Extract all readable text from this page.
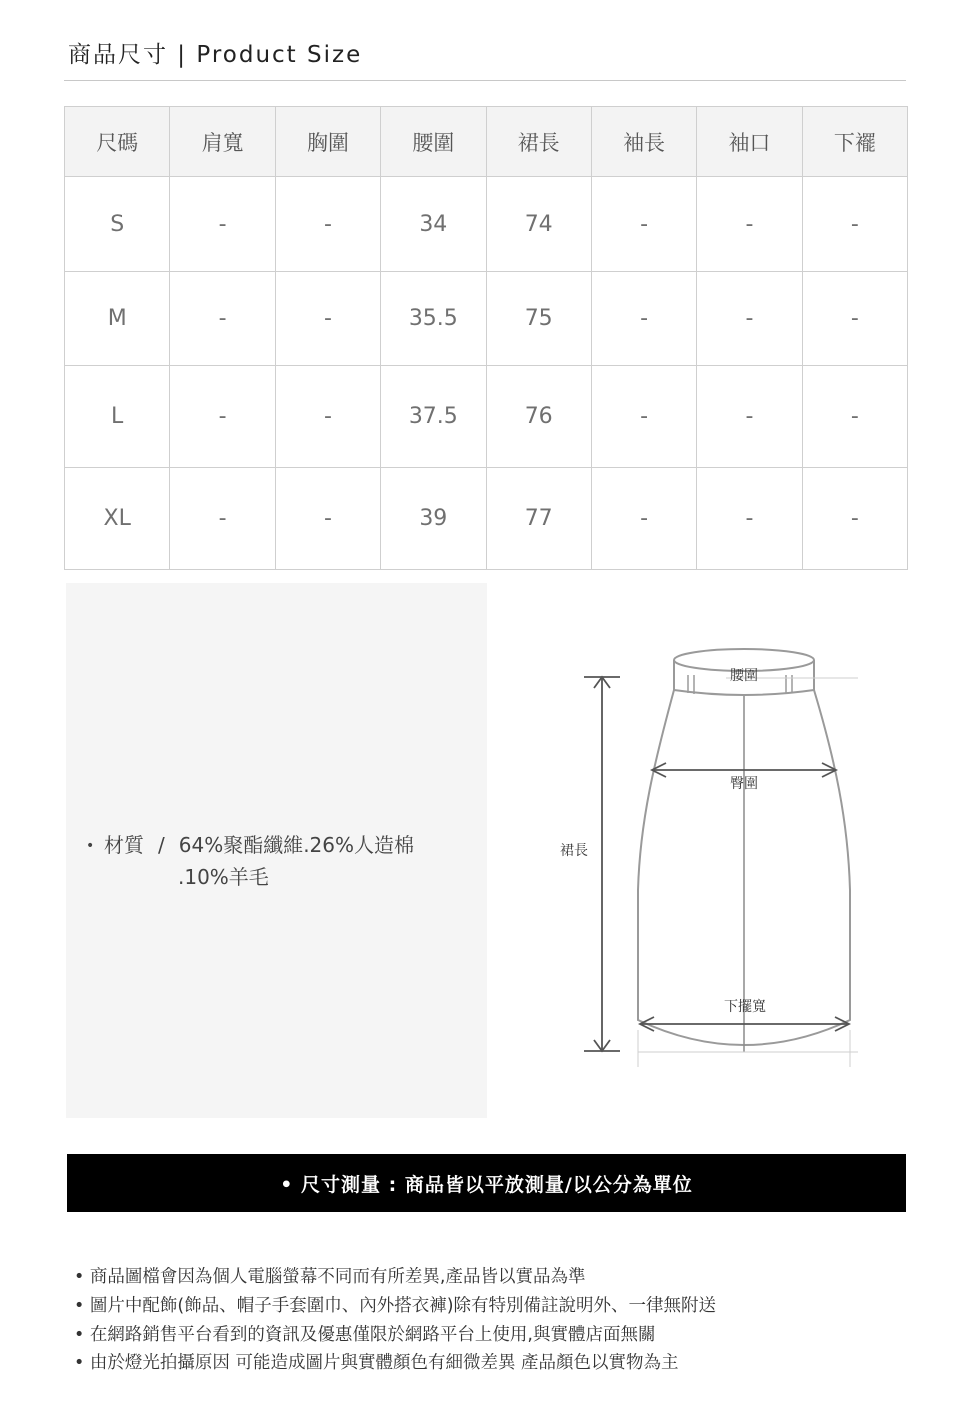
商品尺寸 | Product Size
尺碼	肩寬	胸圍	腰圍	裙長	袖長	袖口	下襬
S	-	-	34	74	-	-	-
M	-	-	35.5	75	-	-	-
L	-	-	37.5	76	-	-	-
XL	-	-	39	77	-	-	-
• 材質 / 64%聚酯纖維.26%人造棉
.10%羊毛
腰圍
臀圍
裙長
下擺寬
• 尺寸測量 : 商品皆以平放測量/以公分為單位
• 商品圖檔會因為個人電腦螢幕不同而有所差異,產品皆以實品為準
• 圖片中配飾(飾品、帽子手套圍巾、內外搭衣褲)除有特別備註說明外、一律無附送
• 在網路銷售平台看到的資訊及優惠僅限於網路平台上使用,與實體店面無關
• 由於燈光拍攝原因 可能造成圖片與實體顏色有細微差異 產品顏色以實物為主
